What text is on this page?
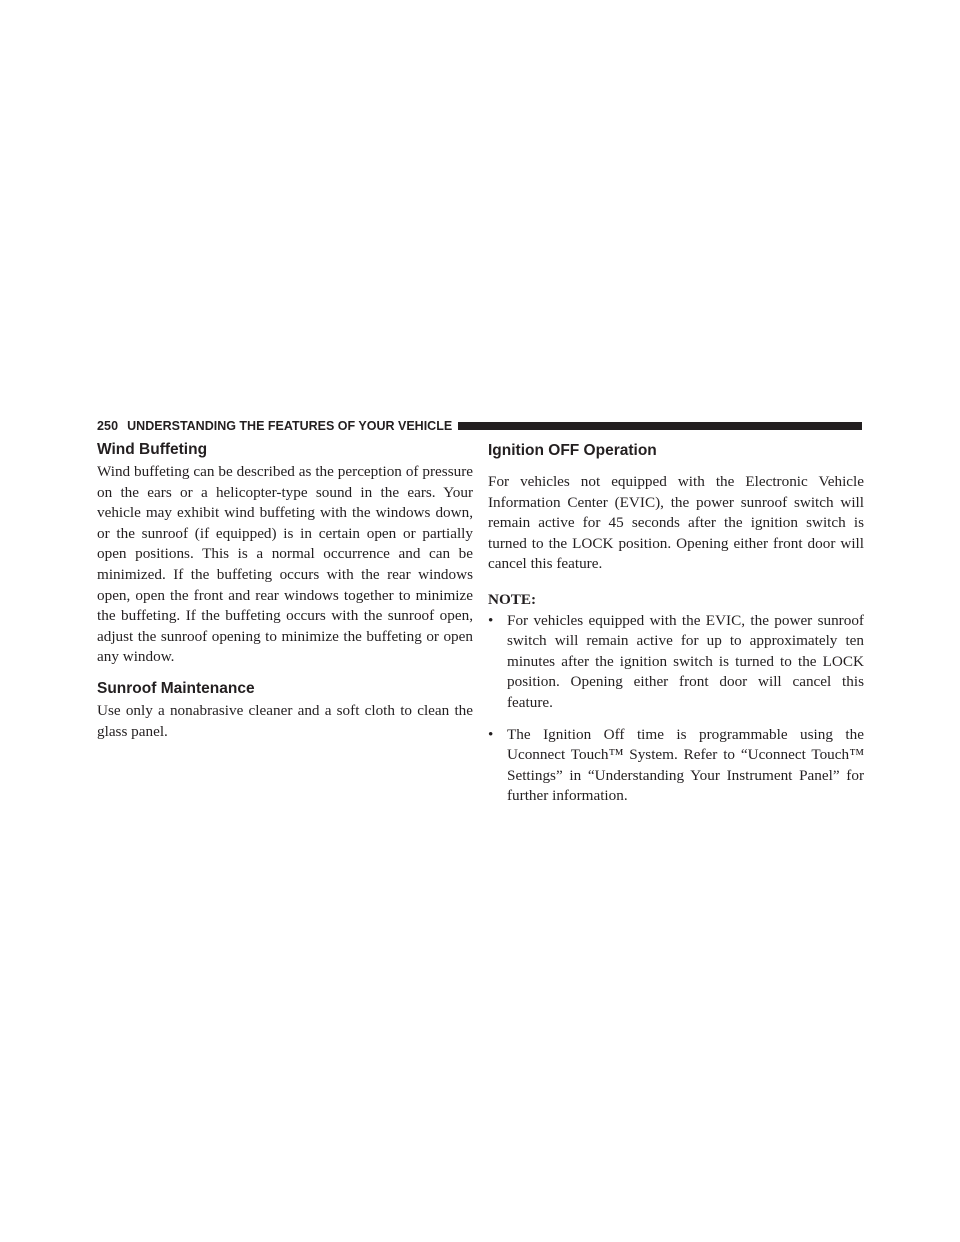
250 UNDERSTANDING THE FEATURES OF YOUR VEHICLE
Wind Buffeting

Wind buffeting can be described as the perception of pressure on the ears or a helicopter-type sound in the ears. Your vehicle may exhibit wind buffeting with the windows down, or the sunroof (if equipped) is in certain open or partially open positions. This is a normal occurrence and can be minimized. If the buffeting occurs with the rear windows open, open the front and rear windows together to minimize the buffeting. If the buffeting occurs with the sunroof open, adjust the sunroof opening to minimize the buffeting or open any window.

Sunroof Maintenance

Use only a nonabrasive cleaner and a soft cloth to clean the glass panel.

Ignition OFF Operation

For vehicles not equipped with the Electronic Vehicle Information Center (EVIC), the power sunroof switch will remain active for 45 seconds after the ignition switch is turned to the LOCK position. Opening either front door will cancel this feature.

NOTE:

• For vehicles equipped with the EVIC, the power sunroof switch will remain active for up to approximately ten minutes after the ignition switch is turned to the LOCK position. Opening either front door will cancel this feature.
• The Ignition Off time is programmable using the Uconnect Touch™ System. Refer to “Uconnect Touch™ Settings” in “Understanding Your Instrument Panel” for further information.
